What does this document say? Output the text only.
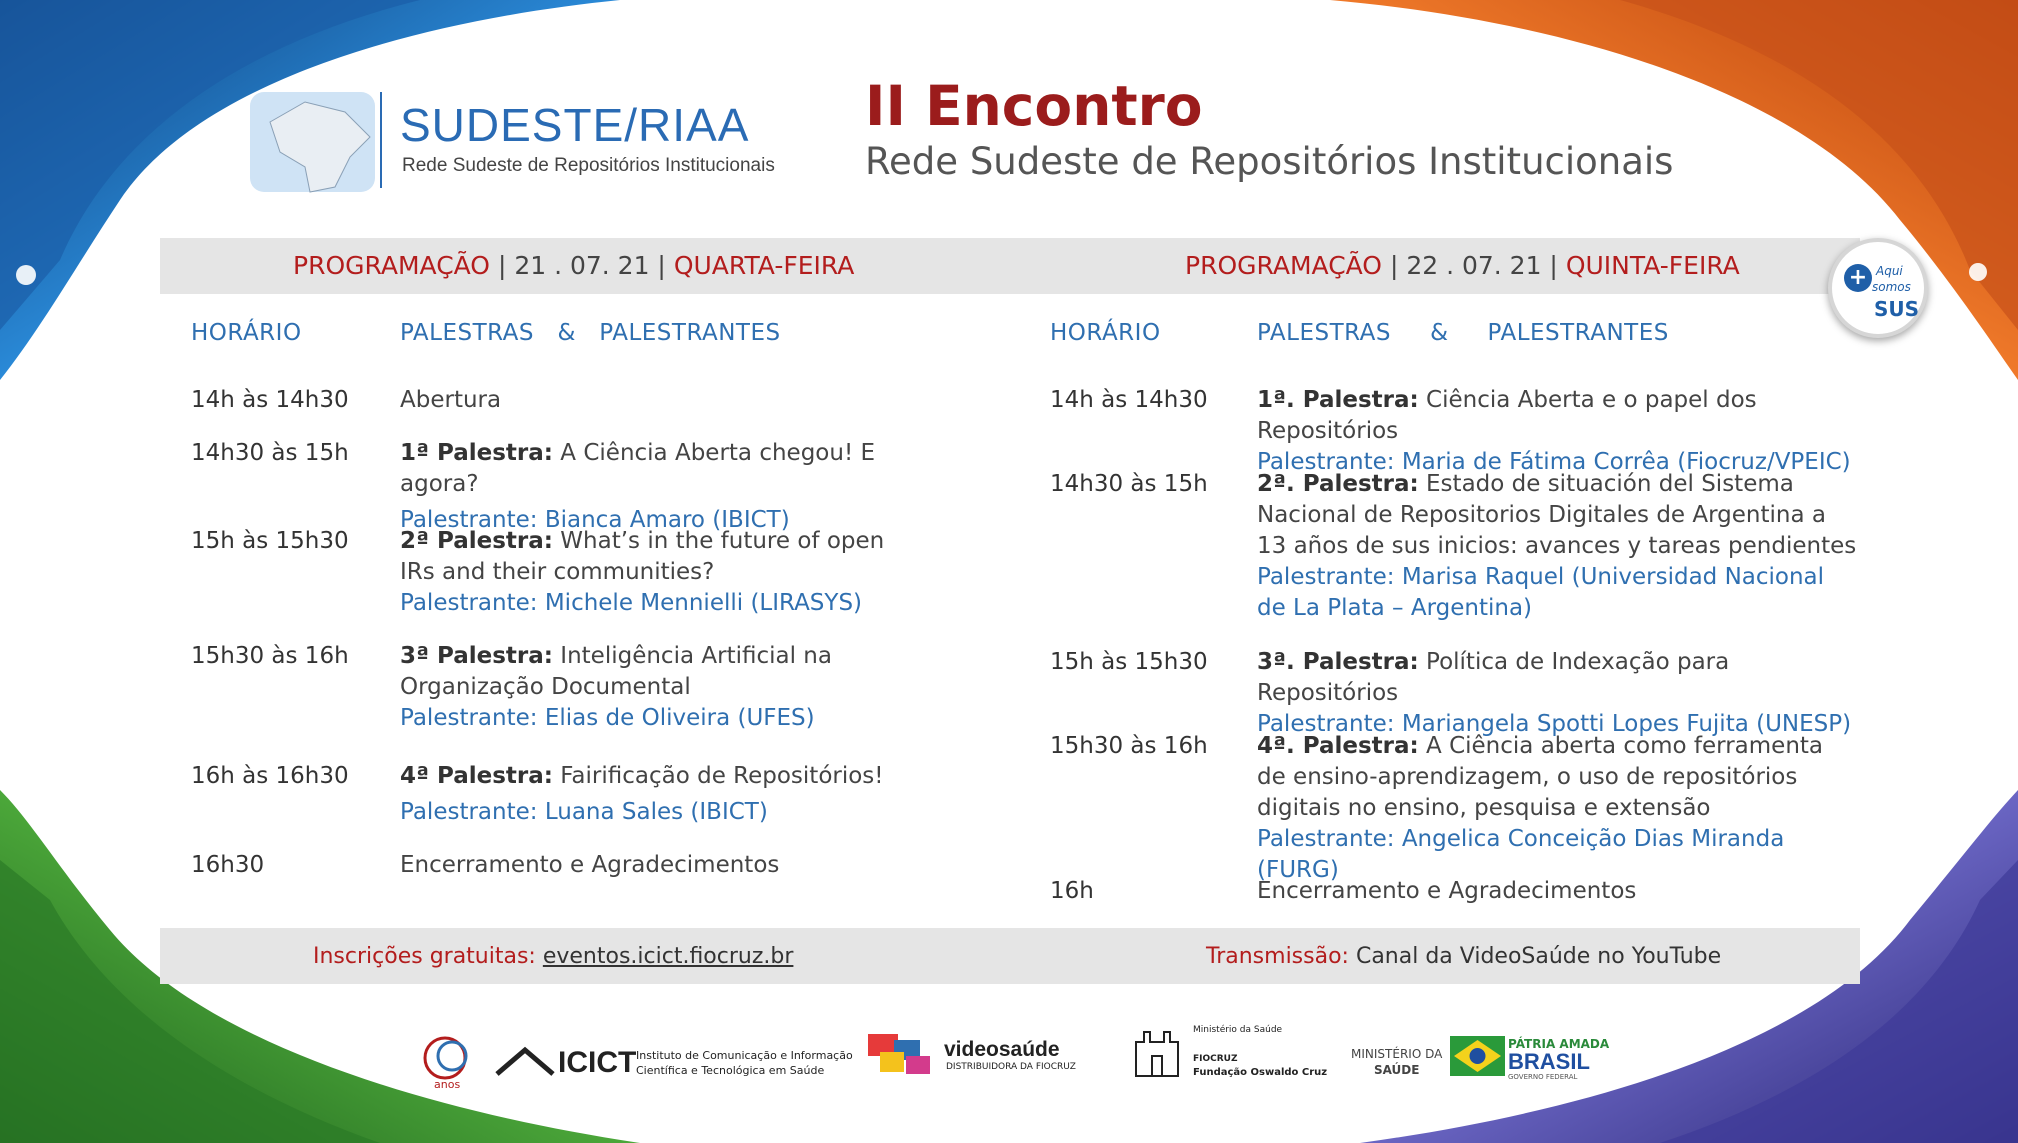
SUDESTE/RIAA
Rede Sudeste de Repositórios Institucionais
II Encontro
Rede Sudeste de Repositórios Institucionais
PROGRAMAÇÃO | 21 . 07. 21 | QUARTA-FEIRA	PROGRAMAÇÃO | 22 . 07. 21 | QUINTA-FEIRA	+ Aqui
somos
SUS
HORÁRIO	PALESTRAS   &   PALESTRANTES	HORÁRIO	PALESTRAS     &     PALESTRANTES
14h às 14h30 Abertura
14h30 às 15h 1ª Palestra: A Ciência Aberta chegou! E agora?
Palestrante: Bianca Amaro (IBICT)
15h às 15h30 2ª Palestra: What’s in the future of open IRs and their communities?
Palestrante: Michele Mennielli (LIRASYS)
15h30 às 16h 3ª Palestra: Inteligência Artificial na Organização Documental
Palestrante: Elias de Oliveira (UFES)
16h às 16h30 4ª Palestra: Fairificação de Repositórios!
Palestrante: Luana Sales (IBICT)
16h30	Encerramento e Agradecimentos
14h às 14h30 1ª. Palestra: Ciência Aberta e o papel dos Repositórios
Palestrante: Maria de Fátima Corrêa (Fiocruz/VPEIC)
14h30 às 15h 2ª. Palestra: Estado de situación del Sistema Nacional de Repositorios Digitales de Argentina a 13 años de sus inicios: avances y tareas pendientes
Palestrante: Marisa Raquel (Universidad Nacional de La Plata – Argentina)
15h às 15h30 3ª. Palestra: Política de Indexação para Repositórios
Palestrante: Mariangela Spotti Lopes Fujita (UNESP)
15h30 às 16h 4ª. Palestra: A Ciência aberta como ferramenta de ensino-aprendizagem, o uso de repositórios digitais no ensino, pesquisa e extensão
Palestrante: Angelica Conceição Dias Miranda (FURG)
16h	Encerramento e Agradecimentos
Inscrições gratuitas: eventos.icict.fiocruz.br	Transmissão: Canal da VideoSaúde no YouTube
anos
ICICT Instituto de Comunicação e Informação
Científica e Tecnológica em Saúde
videosaúde
DISTRIBUIDORA DA FIOCRUZ
Ministério da Saúde
FIOCRUZ
Fundação Oswaldo Cruz
MINISTÉRIO DA
SAÚDE
PÁTRIA AMADA
BRASIL
GOVERNO FEDERAL
